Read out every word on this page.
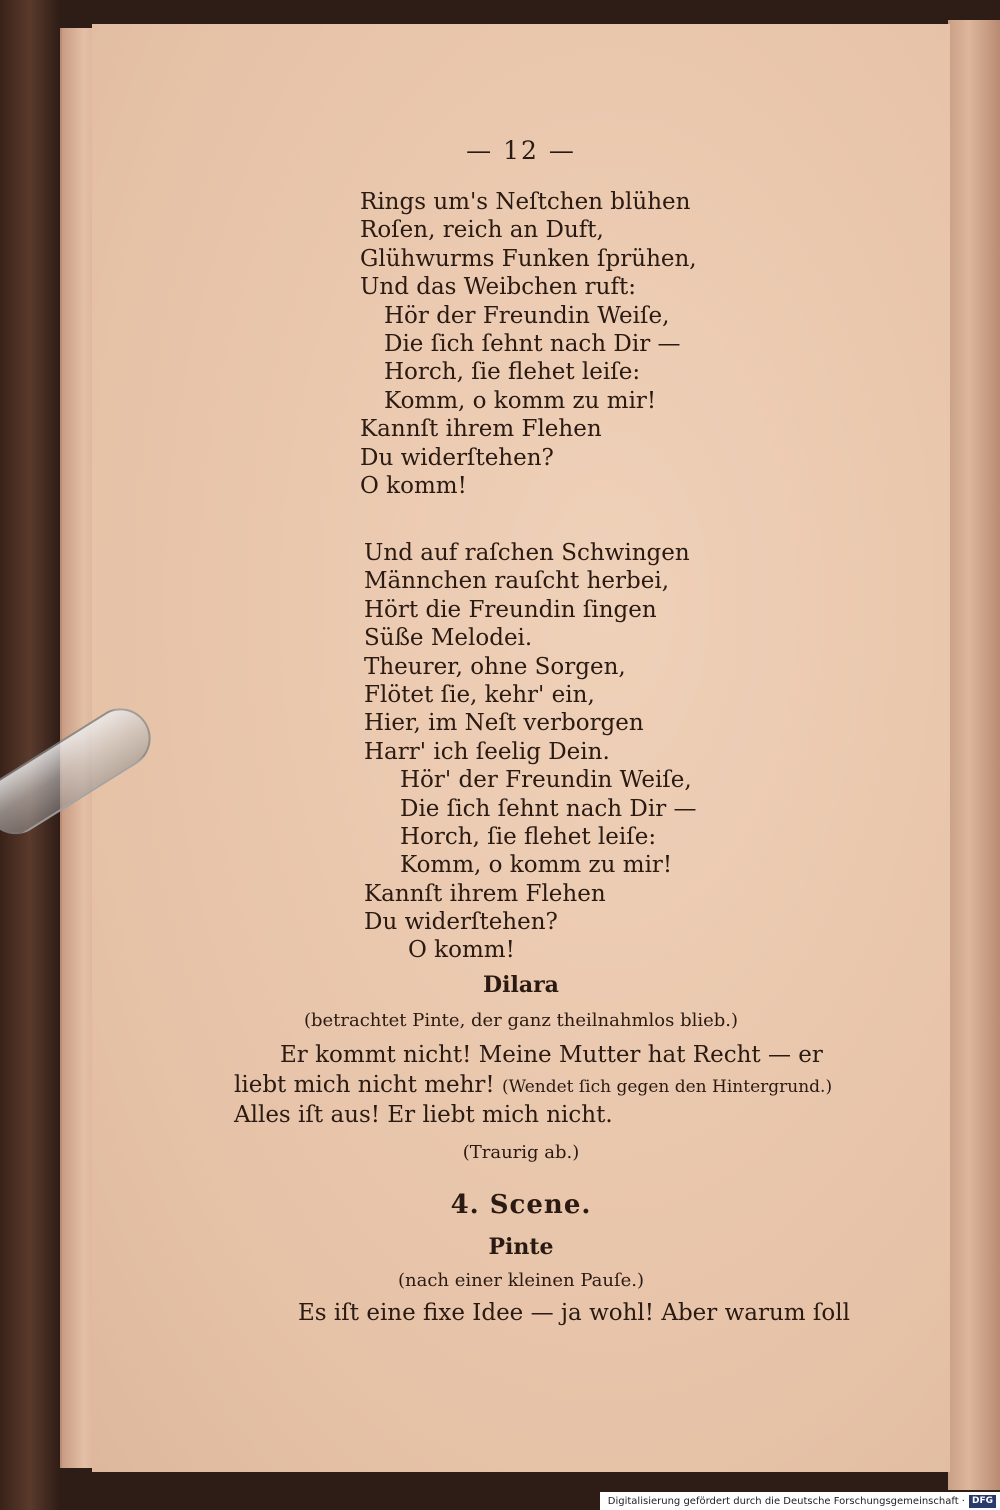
— 12 —
Rings um's Neſtchen blühen
Roſen, reich an Duft,
Glühwurms Funken ſprühen,
Und das Weibchen ruft:
Hör der Freundin Weiſe,
Die ſich ſehnt nach Dir —
Horch, ſie flehet leiſe:
Komm, o komm zu mir!
Kannſt ihrem Flehen
Du widerſtehen?
O komm!
Und auf raſchen Schwingen
Männchen rauſcht herbei,
Hört die Freundin ſingen
Süße Melodei.
Theurer, ohne Sorgen,
Flötet ſie, kehr' ein,
Hier, im Neſt verborgen
Harr' ich ſeelig Dein.
Hör' der Freundin Weiſe,
Die ſich ſehnt nach Dir —
Horch, ſie flehet leiſe:
Komm, o komm zu mir!
Kannſt ihrem Flehen
Du widerſtehen?
O komm!
Dilara
(betrachtet Pinte, der ganz theilnahmlos blieb.)
Er kommt nicht! Meine Mutter hat Recht — er
liebt mich nicht mehr! (Wendet ſich gegen den Hintergrund.)
Alles iſt aus! Er liebt mich nicht.
(Traurig ab.)
4. Scene.
Pinte
(nach einer kleinen Pauſe.)
Es iſt eine fixe Idee — ja wohl! Aber warum ſoll
Digitalisierung gefördert durch die Deutsche Forschungsgemeinschaft · DFG
